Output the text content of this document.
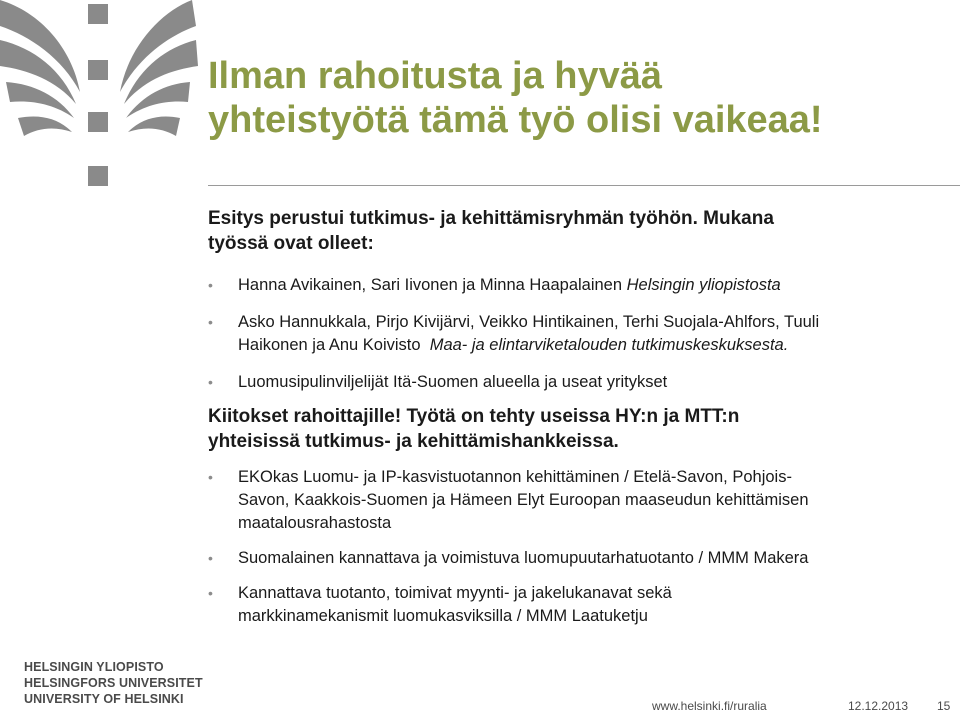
Ilman rahoitusta ja hyvää
yhteistyötä tämä työ olisi vaikeaa!

Esitys perustui tutkimus- ja kehittämisryhmän työhön. Mukana
työssä ovat olleet:

• Hanna Avikainen, Sari Iivonen ja Minna Haapalainen Helsingin yliopistosta
• Asko Hannukkala, Pirjo Kivijärvi, Veikko Hintikainen, Terhi Suojala-Ahlfors, Tuuli
Haikonen ja Anu Koivisto  Maa- ja elintarviketalouden tutkimuskeskuksesta.
• Luomusipulinviljelijät Itä-Suomen alueella ja useat yritykset

Kiitokset rahoittajille! Työtä on tehty useissa HY:n ja MTT:n
yhteisissä tutkimus- ja kehittämishankkeissa.

• EKOkas Luomu- ja IP-kasvistuotannon kehittäminen / Etelä-Savon, Pohjois-
Savon, Kaakkois-Suomen ja Hämeen Elyt Euroopan maaseudun kehittämisen
maatalousrahastosta
• Suomalainen kannattava ja voimistuva luomupuutarhatuotanto / MMM Makera
• Kannattava tuotanto, toimivat myynti- ja jakelukanavat sekä
markkinamekanismit luomukasviksilla / MMM Laatuketju
HELSINGIN YLIOPISTO
HELSINGFORS UNIVERSITET
UNIVERSITY OF HELSINKI	www.helsinki.fi/ruralia	12.12.2013 15
